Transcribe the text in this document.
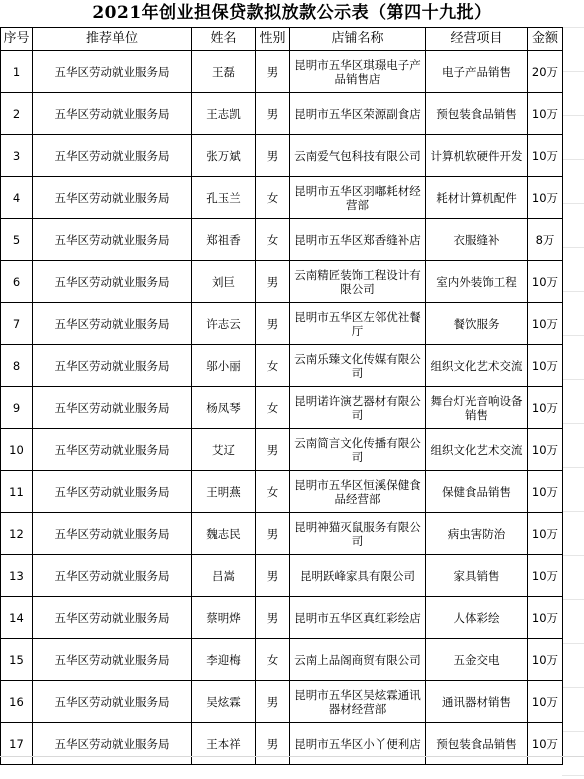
2021年创业担保贷款拟放款公示表（第四十九批）
序号	推荐单位	姓名	性别	店铺名称	经营项目	金额
1	五华区劳动就业服务局	王磊	男	昆明市五华区琪璟电子产品销售店	电子产品销售	20万
2	五华区劳动就业服务局	王志凯	男	昆明市五华区荣源副食店	预包装食品销售	10万
3	五华区劳动就业服务局	张万斌	男	云南爱气包科技有限公司	计算机软硬件开发	10万
4	五华区劳动就业服务局	孔玉兰	女	昆明市五华区羽嘟耗材经营部	耗材计算机配件	10万
5	五华区劳动就业服务局	郑祖香	女	昆明市五华区郑香缝补店	衣服缝补	8万
6	五华区劳动就业服务局	刘巨	男	云南精匠装饰工程设计有限公司	室内外装饰工程	10万
7	五华区劳动就业服务局	许志云	男	昆明市五华区左邻优社餐厅	餐饮服务	10万
8	五华区劳动就业服务局	邬小丽	女	云南乐臻文化传媒有限公司	组织文化艺术交流	10万
9	五华区劳动就业服务局	杨凤琴	女	昆明诺许演艺器材有限公司	舞台灯光音响设备销售	10万
10	五华区劳动就业服务局	艾辽	男	云南简言文化传播有限公司	组织文化艺术交流	10万
11	五华区劳动就业服务局	王明燕	女	昆明市五华区恒溪保健食品经营部	保健食品销售	10万
12	五华区劳动就业服务局	魏志民	男	昆明神猫灭鼠服务有限公司	病虫害防治	10万
13	五华区劳动就业服务局	吕嵩	男	昆明跃峰家具有限公司	家具销售	10万
14	五华区劳动就业服务局	蔡明烨	男	昆明市五华区真红彩绘店	人体彩绘	10万
15	五华区劳动就业服务局	李迎梅	女	云南上品阁商贸有限公司	五金交电	10万
16	五华区劳动就业服务局	吴炫霖	男	昆明市五华区吴炫霖通讯器材经营部	通讯器材销售	10万
17	五华区劳动就业服务局	王本祥	男	昆明市五华区小丫便利店	预包装食品销售	10万
